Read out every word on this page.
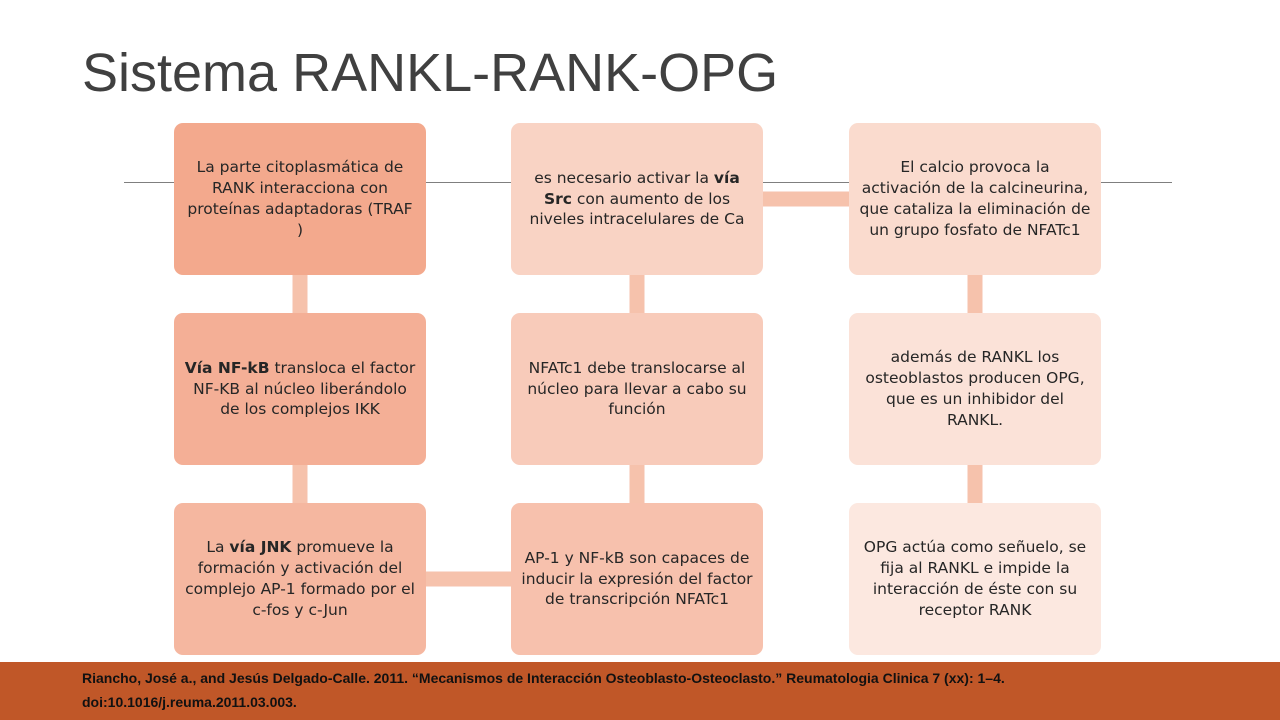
Sistema RANKL-RANK-OPG
La parte citoplasmática de RANK interacciona con proteínas adaptadoras (TRAF )
Vía NF-kB transloca el factor NF-KB al núcleo liberándolo de los complejos IKK
La vía JNK promueve la formación y activación del complejo AP-1 formado por el c-fos y c-Jun
AP-1 y NF-kB son capaces de inducir la expresión del factor de transcripción NFATc1
NFATc1 debe translocarse al núcleo para llevar a cabo su función
es necesario activar la vía Src con aumento de los niveles intracelulares de Ca
El calcio provoca la activación de la calcineurina, que cataliza la eliminación de un grupo fosfato de NFATc1
además de RANKL los osteoblastos producen OPG, que es un inhibidor del RANKL.
OPG actúa como señuelo, se fija al RANKL e impide la interacción de éste con su receptor RANK
Riancho, José a., and Jesús Delgado-Calle. 2011. “Mecanismos de Interacción Osteoblasto-Osteoclasto.” Reumatologia Clinica 7 (xx): 1–4. doi:10.1016/j.reuma.2011.03.003.
